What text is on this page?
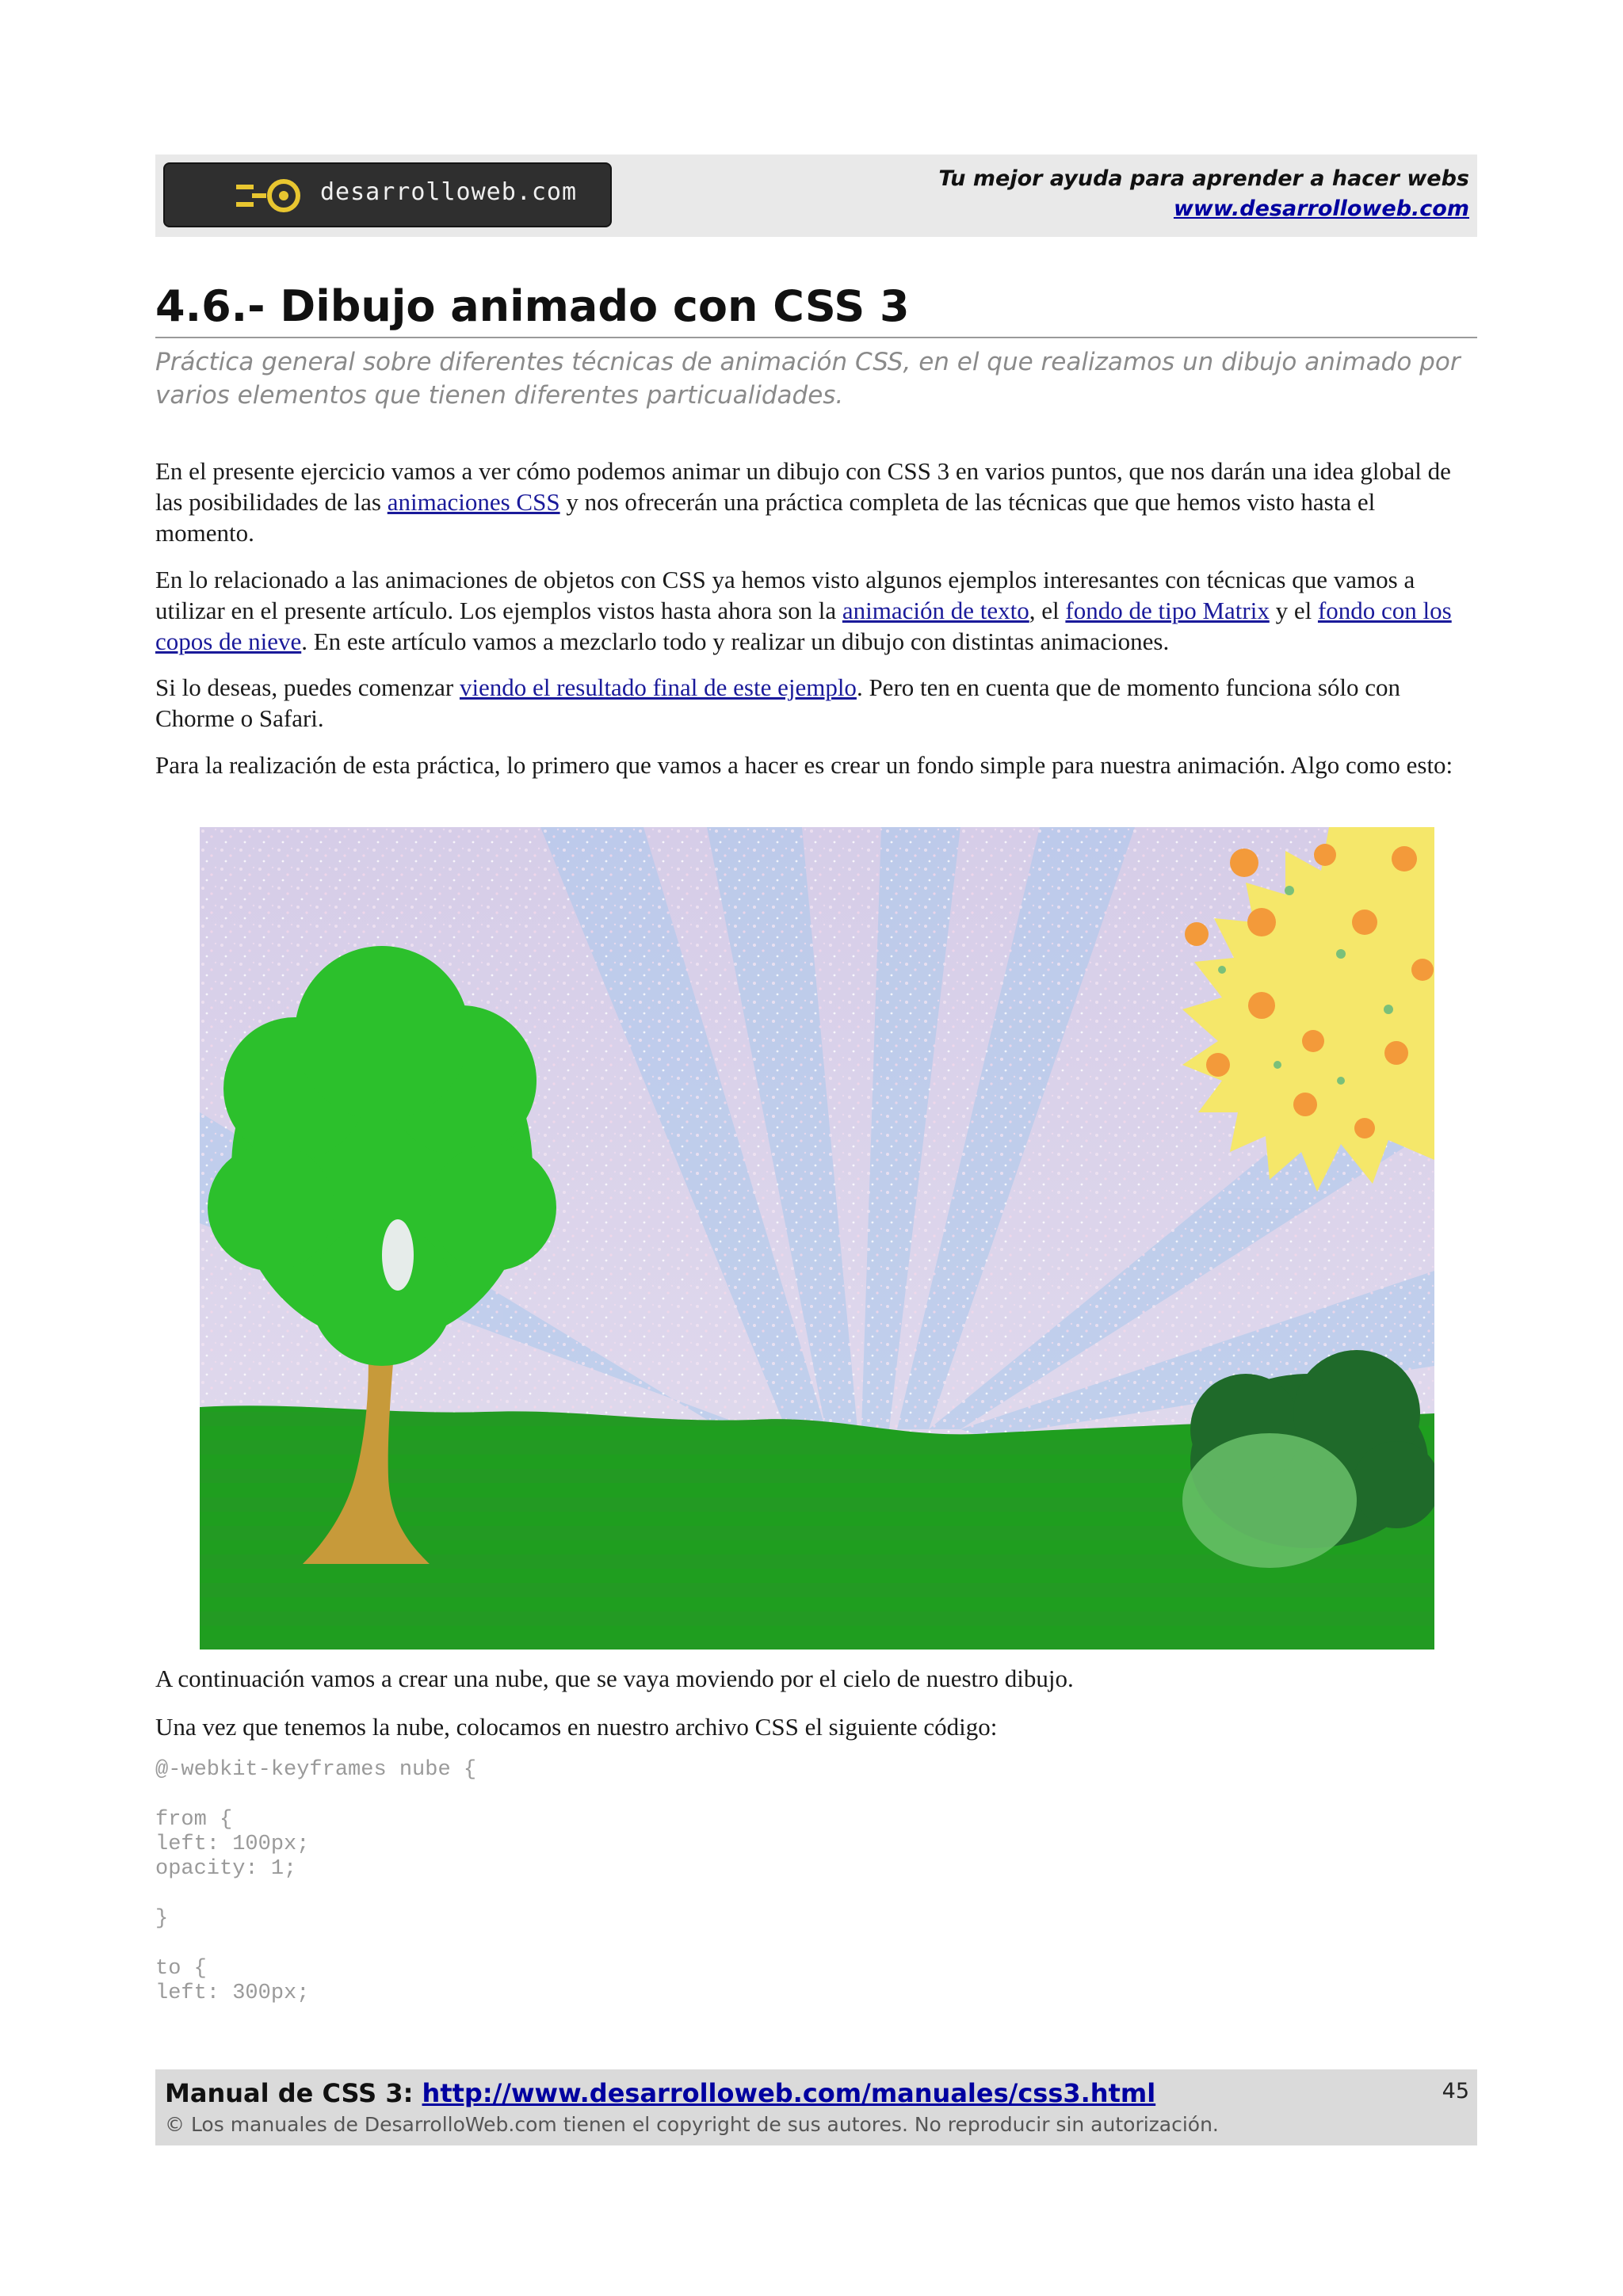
desarrolloweb.com	Tu mejor ayuda para aprender a hacer webs
www.desarrolloweb.com
4.6.- Dibujo animado con CSS 3

Práctica general sobre diferentes técnicas de animación CSS, en el que realizamos un dibujo animado por varios elementos que tienen diferentes particualidades.

En el presente ejercicio vamos a ver cómo podemos animar un dibujo con CSS 3 en varios puntos, que nos darán una idea global de las posibilidades de las animaciones CSS y nos ofrecerán una práctica completa de las técnicas que que hemos visto hasta el momento.

En lo relacionado a las animaciones de objetos con CSS ya hemos visto algunos ejemplos interesantes con técnicas que vamos a utilizar en el presente artículo. Los ejemplos vistos hasta ahora son la animación de texto, el fondo de tipo Matrix y el fondo con los copos de nieve. En este artículo vamos a mezclarlo todo y realizar un dibujo con distintas animaciones.

Si lo deseas, puedes comenzar viendo el resultado final de este ejemplo. Pero ten en cuenta que de momento funciona sólo con Chorme o Safari.

Para la realización de esta práctica, lo primero que vamos a hacer es crear un fondo simple para nuestra animación. Algo como esto:

A continuación vamos a crear una nube, que se vaya moviendo por el cielo de nuestro dibujo.

Una vez que tenemos la nube, colocamos en nuestro archivo CSS el siguiente código:

@-webkit-keyframes nube {
from {
left: 100px;
opacity: 1;
}
to {
left: 300px;
Manual de CSS 3: http://www.desarrolloweb.com/manuales/css3.html
© Los manuales de DesarrolloWeb.com tienen el copyright de sus autores. No reproducir sin autorización.
45
